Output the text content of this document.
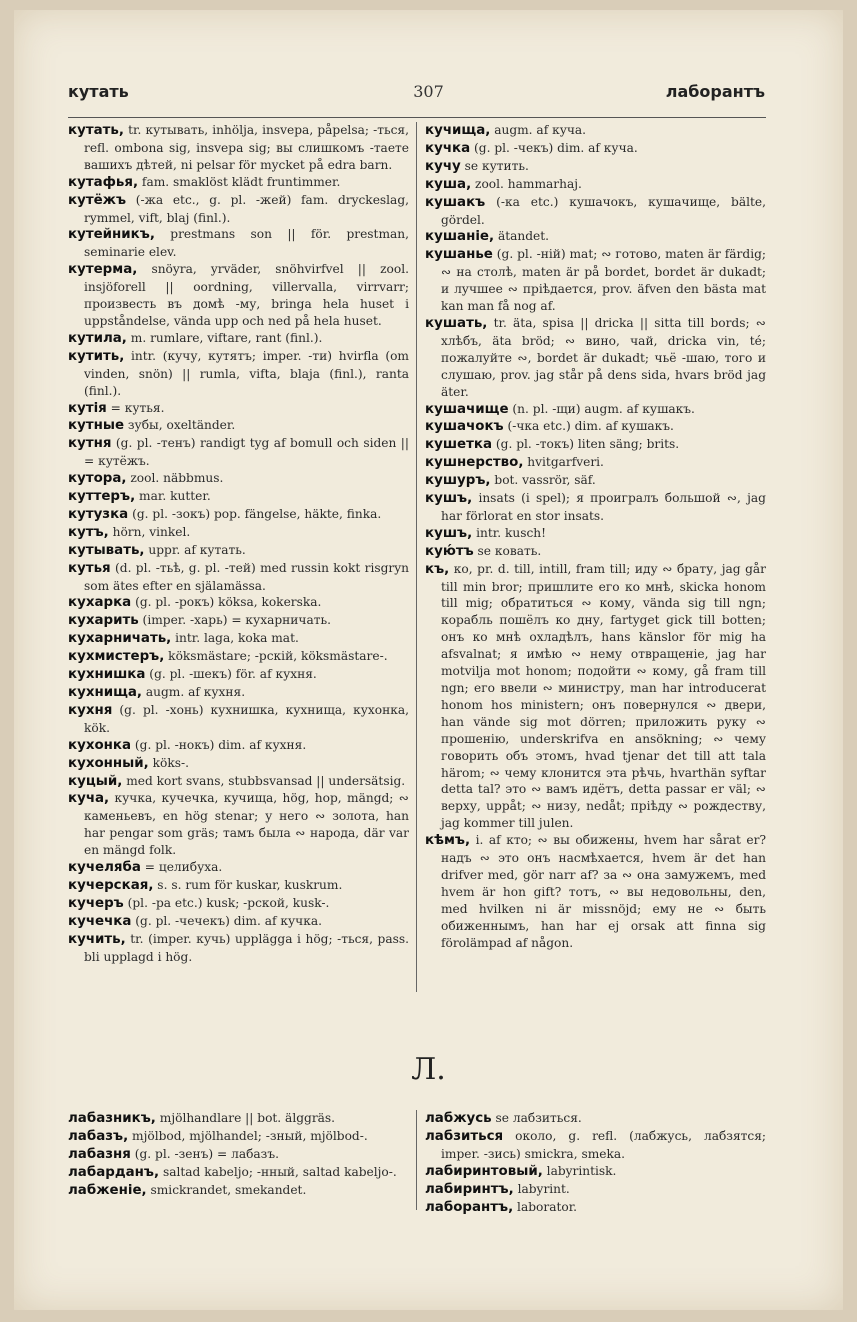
кутать	307	лаборантъ

кутать, tr. кутывать, inhölja, insvepa, påpelsa; -ться, refl. ombona sig, insvepa sig; вы слишкомъ -таете вашихъ дѣтей, ni pelsar för mycket på edra barn.

кутафья, fam. smaklöst klädt fruntimmer.

кутёжъ (-жа etc., g. pl. -жей) fam. dryckeslag, rymmel, vift, blaj (finl.).

кутейникъ, prestmans son || för. prestman, seminarie elev.

кутерма, snöyra, yrväder, snöhvirfvel || zool. insjöforell || oordning, villervalla, virrvarr; произвесть въ домѣ -му, bringa hela huset i uppståndelse, vända upp och ned på hela huset.

кутила, m. rumlare, viftare, rant (finl.).

кутить, intr. (кучу, кутятъ; imper. -ти) hvirfla (om vinden, snön) || rumla, vifta, blaja (finl.), ranta (finl.).

кутія = кутья.

кутные зубы, oxeltänder.

кутня (g. pl. -тенъ) randigt tyg af bomull och siden || = кутёжъ.

кутора, zool. näbbmus.

куттеръ, mar. kutter.

кутузка (g. pl. -зокъ) pop. fängelse, häkte, finka.

кутъ, hörn, vinkel.

кутывать, uppr. af кутать.

кутья (d. pl. -тьѣ, g. pl. -тей) med russin kokt risgryn som ätes efter en själamässa.

кухарка (g. pl. -рокъ) köksa, kokerska.

кухарить (imper. -харь) = кухарничать.

кухарничать, intr. laga, koka mat.

кухмистеръ, köksmästare; -рскій, köksmästare-.

кухнишка (g. pl. -шекъ) för. af кухня.

кухнища, augm. af кухня.

кухня (g. pl. -хонь) кухнишка, кухнища, кухонка, kök.

кухонка (g. pl. -нокъ) dim. af кухня.

кухонный, köks-.

куцый, med kort svans, stubbsvansad || undersätsig.

куча, кучка, кучечка, кучища, hög, hop, mängd; ∾ каменьевъ, en hög stenar; у него ∾ золота, han har pengar som gräs; тамъ была ∾ народа, där var en mängd folk.

кучеляба = целибуха.

кучерская, s. s. rum för kuskar, kuskrum.

кучеръ (pl. -ра etc.) kusk; -рской, kusk-.

кучечка (g. pl. -чечекъ) dim. af кучка.

кучить, tr. (imper. кучь) upplägga i hög; -ться, pass. bli upplagd i hög.

кучища, augm. af куча.

кучка (g. pl. -чекъ) dim. af куча.

кучу se кутить.

куша, zool. hammarhaj.

кушакъ (-ка etc.) кушачокъ, кушачище, bälte, gördel.

кушаніе, ätandet.

кушанье (g. pl. -ній) mat; ∾ готово, maten är färdig; ∾ на столѣ, maten är på bordet, bordet är dukadt; и лучшее ∾ прiѣдается, prov. äfven den bästa mat kan man få nog af.

кушать, tr. äta, spisa || dricka || sitta till bords; ∾ хлѣбъ, äta bröd; ∾ вино, чай, dricka vin, té; пожалуйте ∾, bordet är dukadt; чьё -шаю, того и слушаю, prov. jag står på dens sida, hvars bröd jag äter.

кушачище (n. pl. -щи) augm. af кушакъ.

кушачокъ (-чка etc.) dim. af кушакъ.

кушетка (g. pl. -токъ) liten säng; brits.

кушнерство, hvitgarfveri.

кушуръ, bot. vassrör, säf.

кушъ, insats (i spel); я проигралъ большой ∾, jag har förlorat en stor insats.

кушъ, intr. kusch!

кую́тъ se ковать.

къ, ко, pr. d. till, intill, fram till; иду ∾ брату, jag går till min bror; пришлите его ко мнѣ, skicka honom till mig; обратиться ∾ кому, vända sig till ngn; корабль пошёлъ ко дну, fartyget gick till botten; онъ ко мнѣ охладѣлъ, hans känslor för mig ha afsvalnat; я имѣю ∾ нему отвращеніе, jag har motvilja mot honom; подойти ∾ кому, gå fram till ngn; его ввели ∾ министру, man har introducerat honom hos ministern; онъ повернулся ∾ двери, han vände sig mot dörren; приложить руку ∾ прошенію, underskrifva en ansökning; ∾ чему говорить объ этомъ, hvad tjenar det till att tala härom; ∾ чему клонится эта рѣчь, hvarthän syftar detta tal? это ∾ вамъ идётъ, detta passar er väl; ∾ верху, uppåt; ∾ низу, nedåt; прiѣду ∾ рождеству, jag kommer till julen.

кѣмъ, i. af кто; ∾ вы обижены, hvem har sårat er? надъ ∾ это онъ насмѣхается, hvem är det han drifver med, gör narr af? за ∾ она замужемъ, med hvem är hon gift? тотъ, ∾ вы недовольны, den, med hvilken ni är missnöjd; ему не ∾ быть обиженнымъ, han har ej orsak att finna sig förolämpad af någon.

Л.

лабазникъ, mjölhandlare || bot. älggräs.

лабазъ, mjölbod, mjölhandel; -зный, mjölbod-.

лабазня (g. pl. -зенъ) = лабазъ.

лабарданъ, saltad kabeljo; -нный, saltad kabeljo-.

лабженіе, smickrandet, smekandet.

лабжусь se лабзиться.

лабзиться около, g. refl. (лабжусь, лабзятся; imper. -зись) smickra, smeka.

лабиринтовый, labyrintisk.

лабиринтъ, labyrint.

лаборантъ, laborator.
